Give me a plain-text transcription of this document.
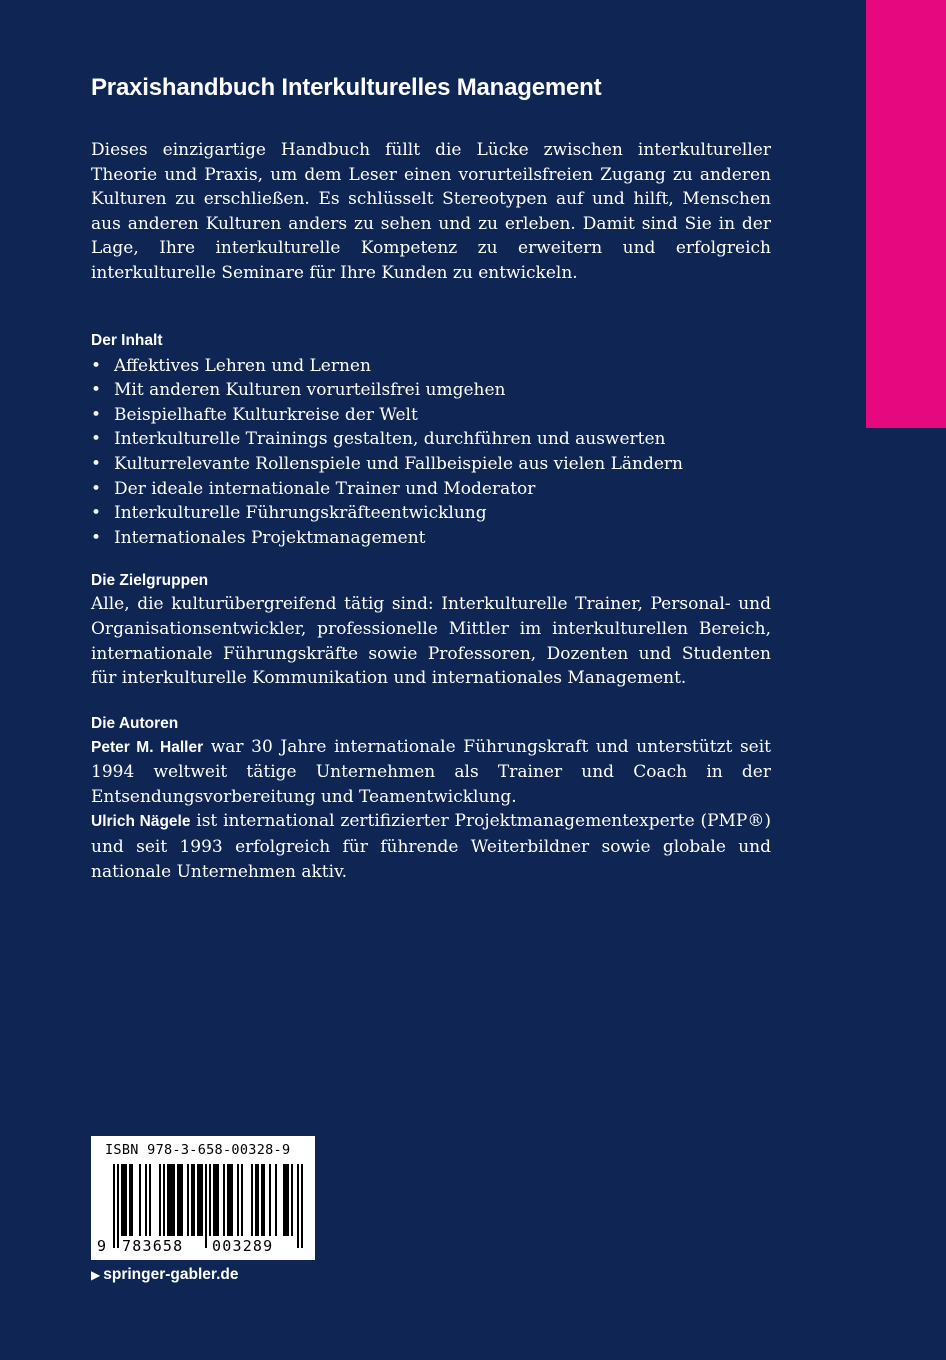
Praxishandbuch Interkulturelles Management

Dieses einzigartige Handbuch füllt die Lücke zwischen interkultureller Theorie und Praxis, um dem Leser einen vorurteilsfreien Zugang zu anderen Kulturen zu erschließen. Es schlüsselt Stereotypen auf und hilft, Menschen aus anderen Kulturen anders zu sehen und zu erleben. Damit sind Sie in der Lage, Ihre interkulturelle Kompetenz zu erweitern und erfolgreich interkulturelle Seminare für Ihre Kunden zu entwickeln.

Der Inhalt
• Affektives Lehren und Lernen
• Mit anderen Kulturen vorurteilsfrei umgehen
• Beispielhafte Kulturkreise der Welt
• Interkulturelle Trainings gestalten, durchführen und auswerten
• Kulturrelevante Rollenspiele und Fallbeispiele aus vielen Ländern
• Der ideale internationale Trainer und Moderator
• Interkulturelle Führungskräfteentwicklung
• Internationales Projektmanagement
Die Zielgruppen

Alle, die kulturübergreifend tätig sind: Interkulturelle Trainer, Personal- und Organisationsentwickler, professionelle Mittler im interkulturellen Bereich, internationale Führungskräfte sowie Professoren, Dozenten und Studenten für interkulturelle Kommunikation und internationales Management.

Die Autoren

Peter M. Haller war 30 Jahre internationale Führungskraft und unterstützt seit 1994 weltweit tätige Unternehmen als Trainer und Coach in der Entsendungsvorbereitung und Teamentwicklung.

Ulrich Nägele ist international zertifizierter Projektmanagementexperte (PMP®) und seit 1993 erfolgreich für führende Weiterbildner sowie globale und nationale Unternehmen aktiv.

ISBN 978-3-658-00328-9
9 783658 003289
▶ springer-gabler.de
